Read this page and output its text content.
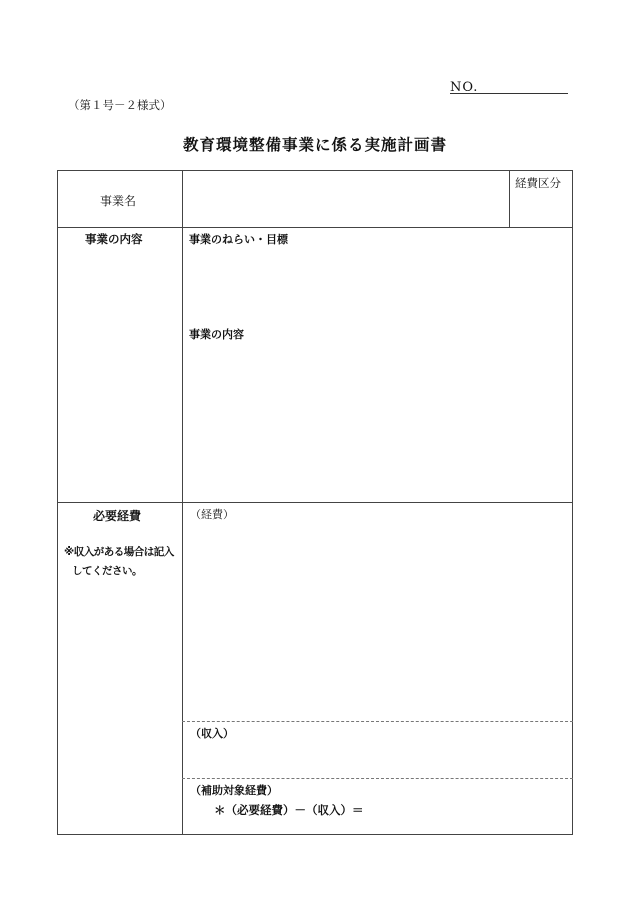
NO.
（第１号－２様式）
教育環境整備事業に係る実施計画書
事業名
経費区分
事業の内容	事業のねらい・目標
事業の内容
必要経費
※収入がある場合は記入
してください。
（経費）
（収入）
（補助対象経費）
＊（必要経費）－（収入）＝
